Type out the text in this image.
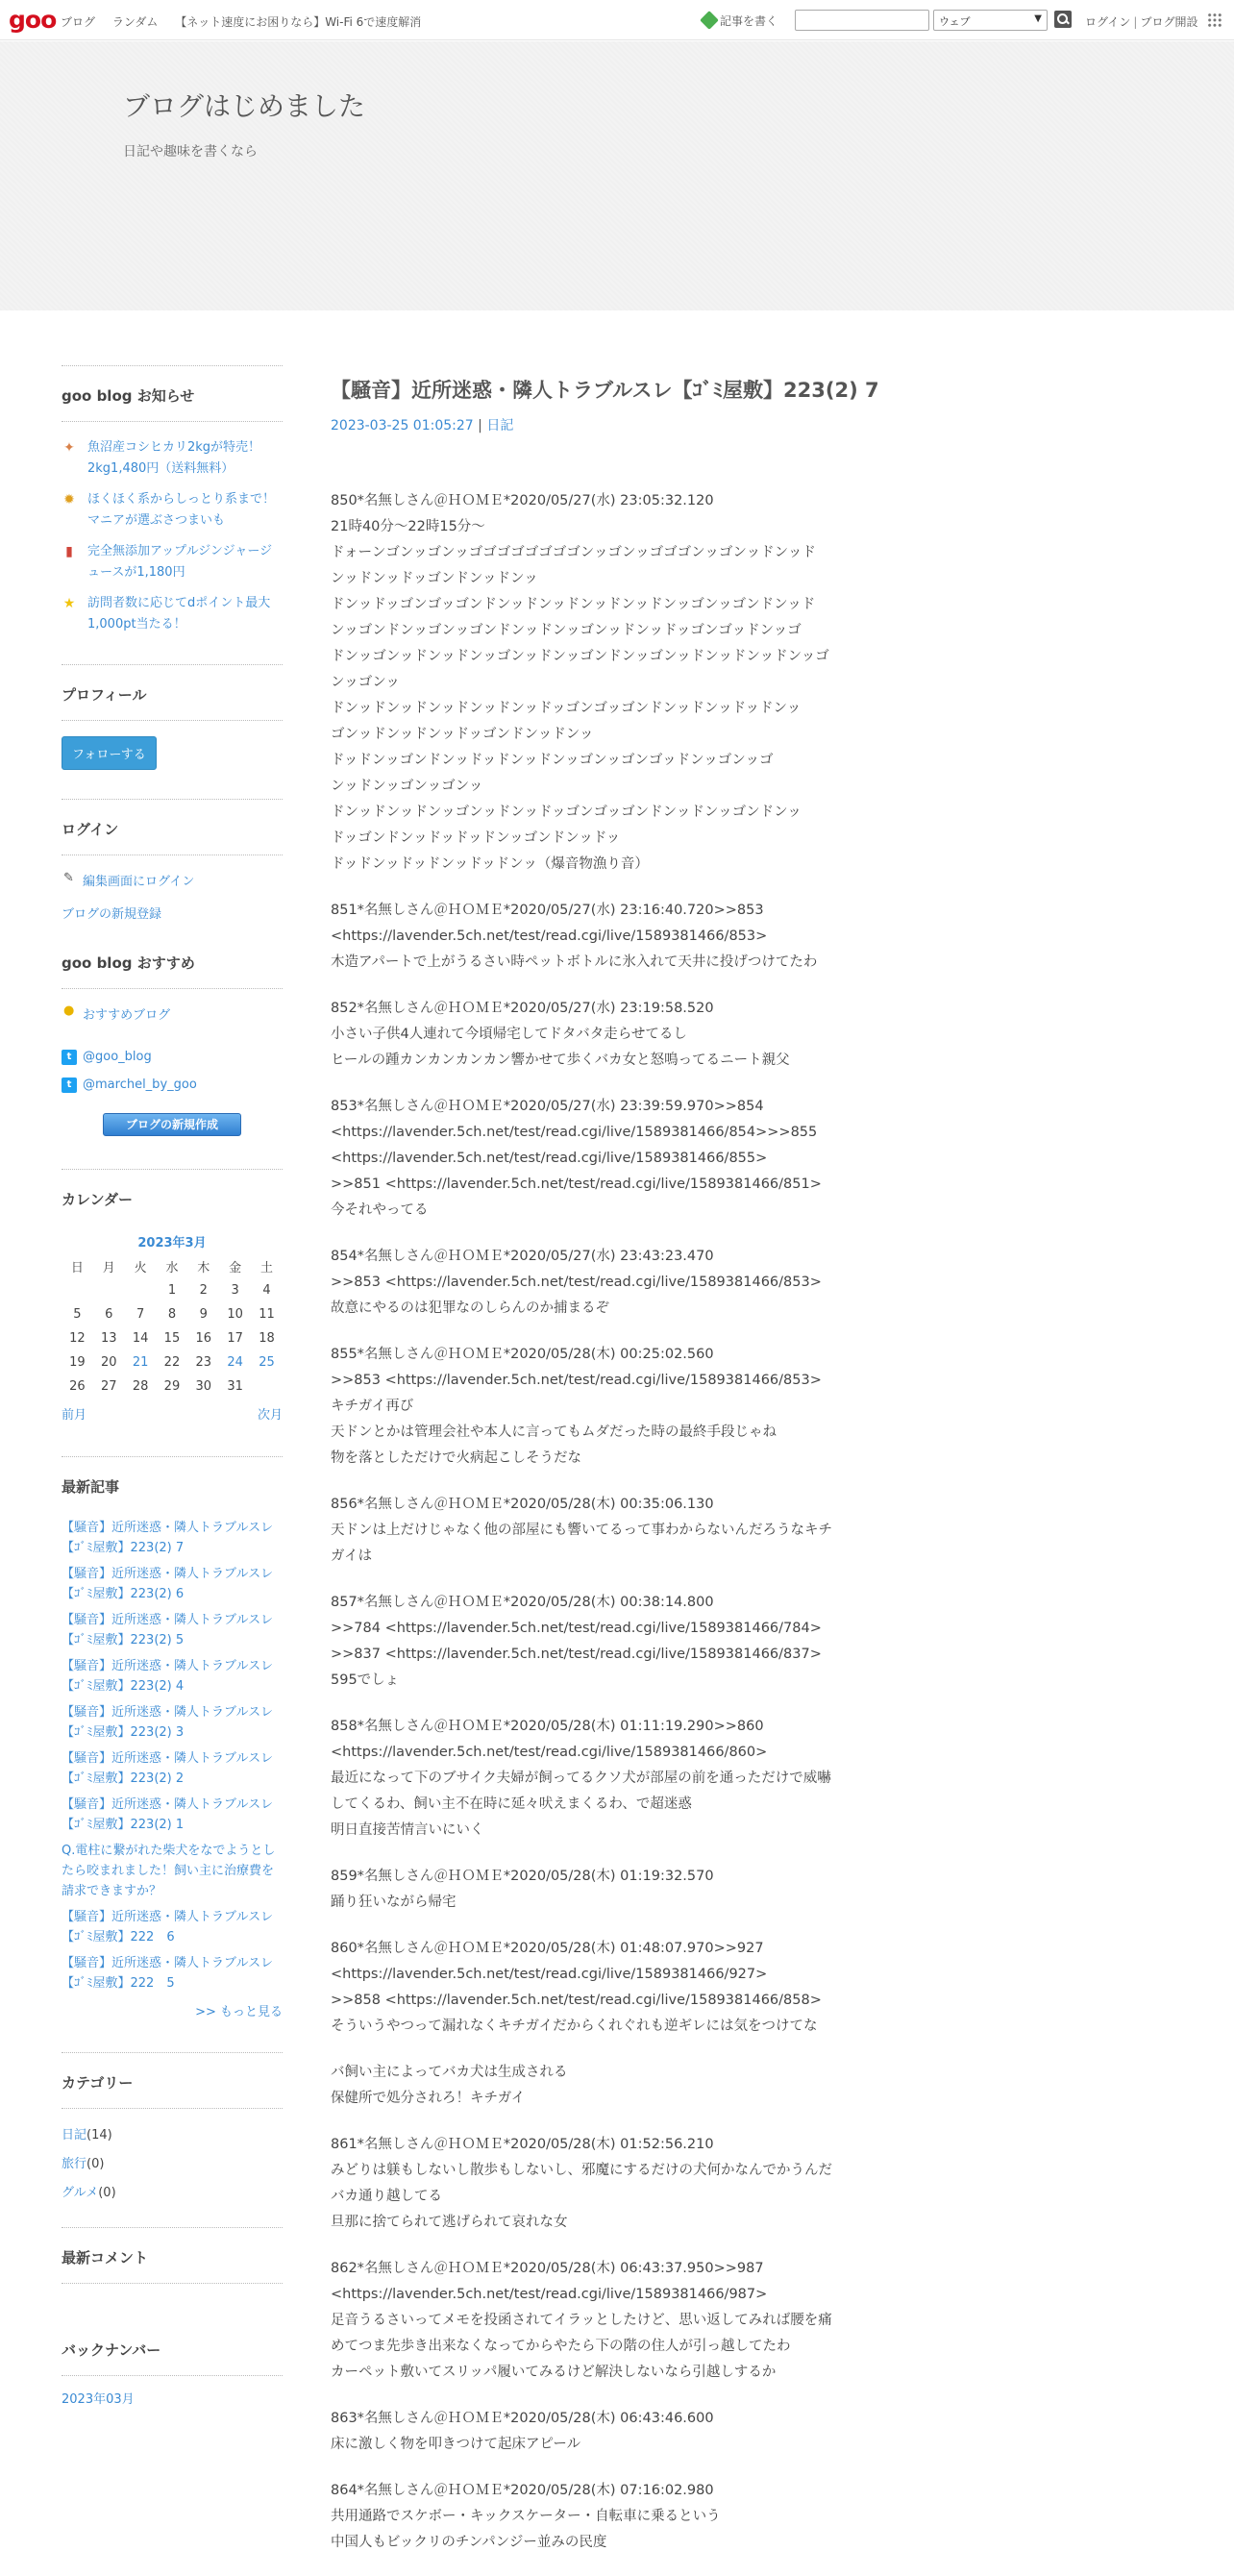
goo ブログ ランダム 【ネット速度にお困りなら】Wi-Fi 6で速度解消	記事を書く	ウェブ	▼	ログイン | ブログ開設
ブログはじめました
日記や趣味を書くなら
goo blog お知らせ
✦ 魚沼産コシヒカリ2kgが特売！2kg1,480円（送料無料）
✹ ほくほく系からしっとり系まで！マニアが選ぶさつまいも
▮	完全無添加アップルジンジャージュースが1,180円
★ 訪問者数に応じてdポイント最大1,000pt当たる！
プロフィール
フォローする
ログイン
✎ 編集画面にログイン
ブログの新規登録
goo blog おすすめ
● おすすめブログ
t @goo_blog
t @marchel_by_goo
ブログの新規作成
カレンダー
2023年3月
日	月	火	水	木	金	土
			1	2	3	4
5	6	7	8	9	10	11
12	13	14	15	16	17	18
19	20	21	22	23	24	25
26	27	28	29	30	31	
前月	次月
最新記事
【騒音】近所迷惑・隣人トラブルスレ【ｺﾞﾐ屋敷】223(2) 7
【騒音】近所迷惑・隣人トラブルスレ【ｺﾞﾐ屋敷】223(2) 6
【騒音】近所迷惑・隣人トラブルスレ【ｺﾞﾐ屋敷】223(2) 5
【騒音】近所迷惑・隣人トラブルスレ【ｺﾞﾐ屋敷】223(2) 4
【騒音】近所迷惑・隣人トラブルスレ【ｺﾞﾐ屋敷】223(2) 3
【騒音】近所迷惑・隣人トラブルスレ【ｺﾞﾐ屋敷】223(2) 2
【騒音】近所迷惑・隣人トラブルスレ【ｺﾞﾐ屋敷】223(2) 1
Q.電柱に繋がれた柴犬をなでようとしたら咬まれました！飼い主に治療費を請求できますか？
【騒音】近所迷惑・隣人トラブルスレ【ｺﾞﾐ屋敷】222　6
【騒音】近所迷惑・隣人トラブルスレ【ｺﾞﾐ屋敷】222　5
>> もっと見る
カテゴリー
日記(14)
旅行(0)
グルメ(0)
最新コメント
バックナンバー
2023年03月
【騒音】近所迷惑・隣人トラブルスレ【ｺﾞﾐ屋敷】223(2) 7
2023-03-25 01:05:27 | 日記
850*名無しさん＠ＨＯＭＥ*2020/05/27(水) 23:05:32.120
21時40分～22時15分～
ドォーンゴンッゴンッゴゴゴゴゴゴゴゴンッゴンッゴゴゴンッゴンッドンッド
ンッドンッドッゴンドンッドンッ
ドンッドッゴンゴッゴンドンッドンッドンッドンッドンッゴンッゴンドンッド
ンッゴンドンッゴンッゴンドンッドンッゴンッドンッドッゴンゴッドンッゴ
ドンッゴンッドンッドンッゴンッドンッゴンドンッゴンッドンッドンッドンッゴ
ンッゴンッ
ドンッドンッドンッドンッドンッドッゴンゴッゴンドンッドンッドッドンッ
ゴンッドンッドンッドッゴンドンッドンッ
ドッドンッゴンドンッドッドンッドンッゴンッゴンゴッドンッゴンッゴ
ンッドンッゴンッゴンッ
ドンッドンッドンッゴンッドンッドッゴンゴッゴンドンッドンッゴンドンッ
ドッゴンドンッドッドッドンッゴンドンッドッ
ドッドンッドッドンッドッドンッ（爆音物漁り音）
851*名無しさん＠ＨＯＭＥ*2020/05/27(水) 23:16:40.720>>853
<https://lavender.5ch.net/test/read.cgi/live/1589381466/853>
木造アパートで上がうるさい時ペットボトルに氷入れて天井に投げつけてたわ
852*名無しさん＠ＨＯＭＥ*2020/05/27(水) 23:19:58.520
小さい子供4人連れて今頃帰宅してドタバタ走らせてるし
ヒールの踵カンカンカンカン響かせて歩くバカ女と怒鳴ってるニート親父
853*名無しさん＠ＨＯＭＥ*2020/05/27(水) 23:39:59.970>>854
<https://lavender.5ch.net/test/read.cgi/live/1589381466/854>>>855
<https://lavender.5ch.net/test/read.cgi/live/1589381466/855>
>>851 <https://lavender.5ch.net/test/read.cgi/live/1589381466/851>
今それやってる
854*名無しさん＠ＨＯＭＥ*2020/05/27(水) 23:43:23.470
>>853 <https://lavender.5ch.net/test/read.cgi/live/1589381466/853>
故意にやるのは犯罪なのしらんのか捕まるぞ
855*名無しさん＠ＨＯＭＥ*2020/05/28(木) 00:25:02.560
>>853 <https://lavender.5ch.net/test/read.cgi/live/1589381466/853>
キチガイ再び
天ドンとかは管理会社や本人に言ってもムダだった時の最終手段じゃね
物を落としただけで火病起こしそうだな
856*名無しさん＠ＨＯＭＥ*2020/05/28(木) 00:35:06.130
天ドンは上だけじゃなく他の部屋にも響いてるって事わからないんだろうなキチ
ガイは
857*名無しさん＠ＨＯＭＥ*2020/05/28(木) 00:38:14.800
>>784 <https://lavender.5ch.net/test/read.cgi/live/1589381466/784>
>>837 <https://lavender.5ch.net/test/read.cgi/live/1589381466/837>
595でしょ
858*名無しさん＠ＨＯＭＥ*2020/05/28(木) 01:11:19.290>>860
<https://lavender.5ch.net/test/read.cgi/live/1589381466/860>
最近になって下のブサイク夫婦が飼ってるクソ犬が部屋の前を通っただけで威嚇
してくるわ、飼い主不在時に延々吠えまくるわ、で超迷惑
明日直接苦情言いにいく
859*名無しさん＠ＨＯＭＥ*2020/05/28(木) 01:19:32.570
踊り狂いながら帰宅
860*名無しさん＠ＨＯＭＥ*2020/05/28(木) 01:48:07.970>>927
<https://lavender.5ch.net/test/read.cgi/live/1589381466/927>
>>858 <https://lavender.5ch.net/test/read.cgi/live/1589381466/858>
そういうやつって漏れなくキチガイだからくれぐれも逆ギレには気をつけてな
バ飼い主によってバカ犬は生成される
保健所で処分されろ！キチガイ
861*名無しさん＠ＨＯＭＥ*2020/05/28(木) 01:52:56.210
みどりは躾もしないし散歩もしないし、邪魔にするだけの犬何かなんでかうんだ
バカ通り越してる
旦那に捨てられて逃げられて哀れな女
862*名無しさん＠ＨＯＭＥ*2020/05/28(木) 06:43:37.950>>987
<https://lavender.5ch.net/test/read.cgi/live/1589381466/987>
足音うるさいってメモを投函されてイラッとしたけど、思い返してみれば腰を痛
めてつま先歩き出来なくなってからやたら下の階の住人が引っ越してたわ
カーペット敷いてスリッパ履いてみるけど解決しないなら引越しするか
863*名無しさん＠ＨＯＭＥ*2020/05/28(木) 06:43:46.600
床に激しく物を叩きつけて起床アピール
864*名無しさん＠ＨＯＭＥ*2020/05/28(木) 07:16:02.980
共用通路でスケボー・キックスケーター・自転車に乗るという
中国人もビックリのチンパンジー並みの民度
